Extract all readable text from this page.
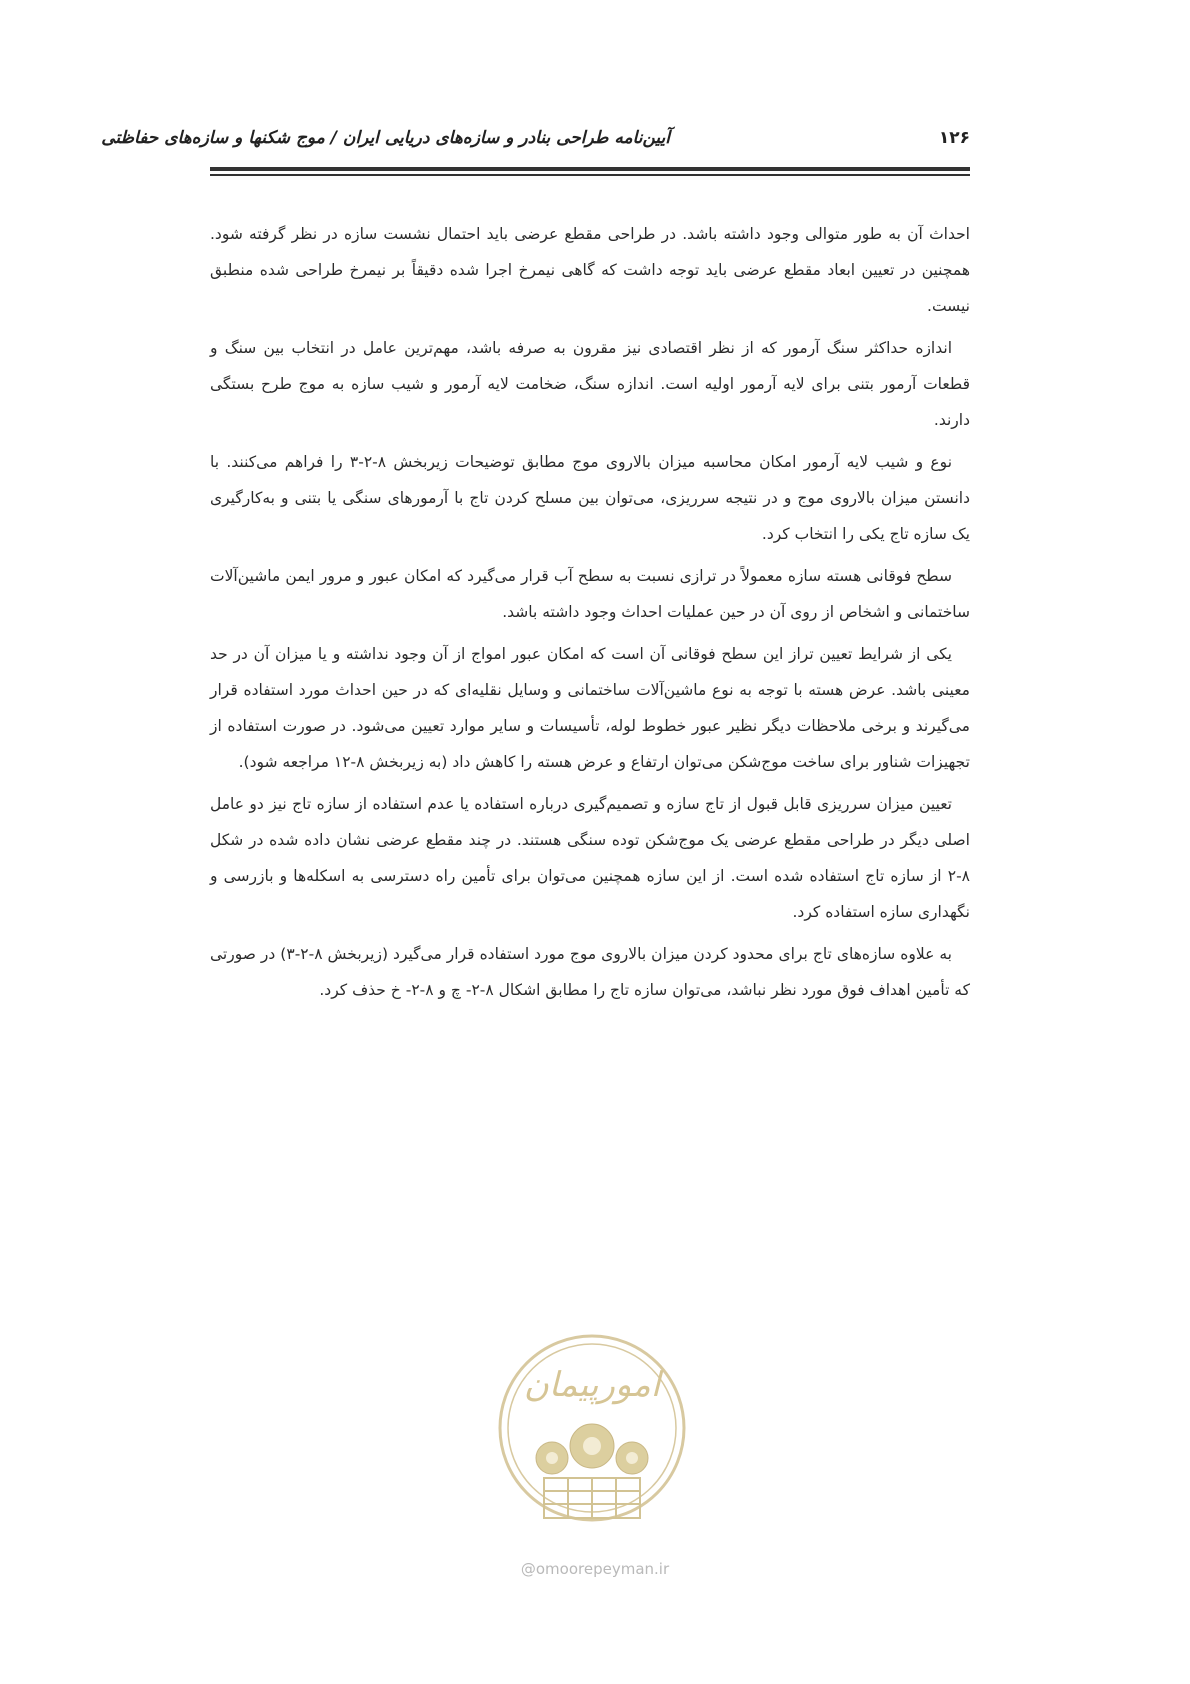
۱۲۶
آیین‌نامه طراحی بنادر و سازه‌های دریایی ایران / موج شکنها و سازه‌های حفاظتی

احداث آن به طور متوالی وجود داشته باشد. در طراحی مقطع عرضی باید احتمال نشست سازه در نظر گرفته شود. همچنین در تعیین ابعاد مقطع عرضی باید توجه داشت که گاهی نیمرخ اجرا شده دقیقاً بر نیمرخ طراحی شده منطبق نیست.

اندازه حداکثر سنگ آرمور که از نظر اقتصادی نیز مقرون به صرفه باشد، مهم‌ترین عامل در انتخاب بین سنگ و قطعات آرمور بتنی برای لایه آرمور اولیه است. اندازه سنگ، ضخامت لایه آرمور و شیب سازه به موج طرح بستگی دارند.

نوع و شیب لایه آرمور امکان محاسبه میزان بالاروی موج مطابق توضیحات زیربخش ۸-۲-۳ را فراهم می‌کنند. با دانستن میزان بالاروی موج و در نتیجه سرریزی، می‌توان بین مسلح کردن تاج با آرمورهای سنگی یا بتنی و به‌کارگیری یک سازه تاج یکی را انتخاب کرد.

سطح فوقانی هسته سازه معمولاً در ترازی نسبت به سطح آب قرار می‌گیرد که امکان عبور و مرور ایمن ماشین‌آلات ساختمانی و اشخاص از روی آن در حین عملیات احداث وجود داشته باشد.

یکی از شرایط تعیین تراز این سطح فوقانی آن است که امکان عبور امواج از آن وجود نداشته و یا میزان آن در حد معینی باشد. عرض هسته با توجه به نوع ماشین‌آلات ساختمانی و وسایل نقلیه‌ای که در حین احداث مورد استفاده قرار می‌گیرند و برخی ملاحظات دیگر نظیر عبور خطوط لوله، تأسیسات و سایر موارد تعیین می‌شود. در صورت استفاده از تجهیزات شناور برای ساخت موج‌شکن می‌توان ارتفاع و عرض هسته را کاهش داد (به زیربخش ۸-۱۲ مراجعه شود).

تعیین میزان سرریزی قابل قبول از تاج سازه و تصمیم‌گیری درباره استفاده یا عدم استفاده از سازه تاج نیز دو عامل اصلی دیگر در طراحی مقطع عرضی یک موج‌شکن توده سنگی هستند. در چند مقطع عرضی نشان داده شده در شکل ۸-۲ از سازه تاج استفاده شده است. از این سازه همچنین می‌توان برای تأمین راه دسترسی به اسکله‌ها و بازرسی و نگهداری سازه استفاده کرد.

به علاوه سازه‌های تاج برای محدود کردن میزان بالاروی موج مورد استفاده قرار می‌گیرد (زیربخش ۸-۲-۳) در صورتی که تأمین اهداف فوق مورد نظر نباشد، می‌توان سازه تاج را مطابق اشکال ۸-۲- چ و ۸-۲- خ حذف کرد.

امورپیمان
@omoorepeyman.ir
